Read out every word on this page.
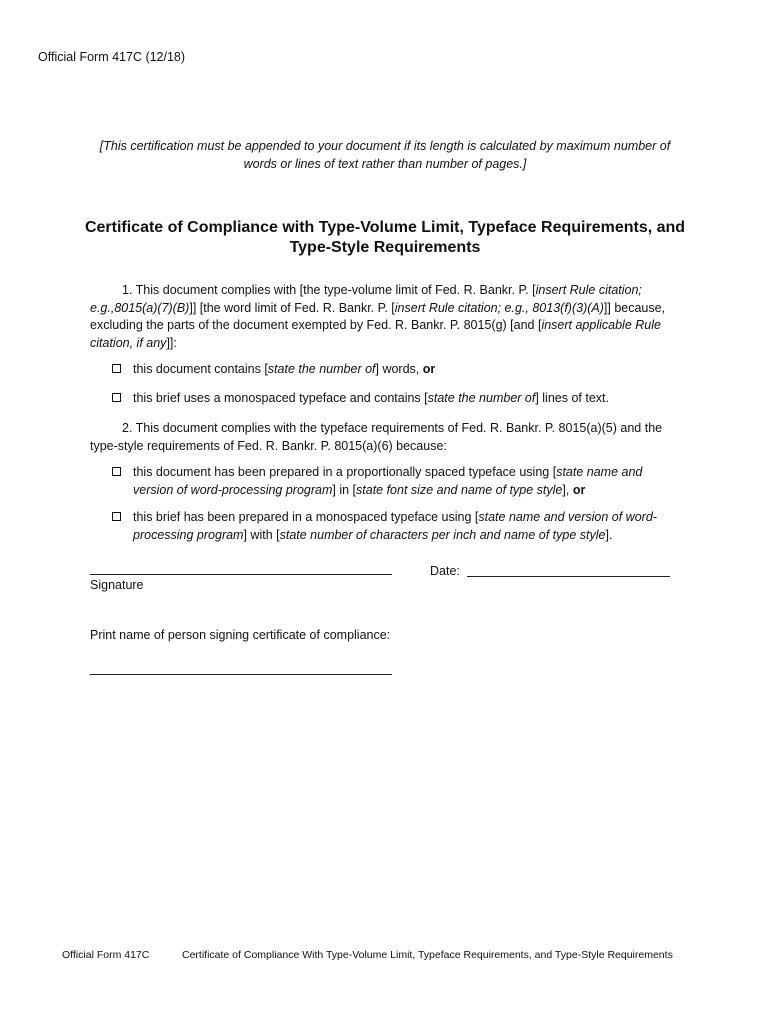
Official Form 417C (12/18)
[This certification must be appended to your document if its length is calculated by maximum number of words or lines of text rather than number of pages.]
Certificate of Compliance with Type-Volume Limit, Typeface Requirements, and Type-Style Requirements
1. This document complies with [the type-volume limit of Fed. R. Bankr. P. [insert Rule citation; e.g.,8015(a)(7)(B)]] [the word limit of Fed. R. Bankr. P. [insert Rule citation; e.g., 8013(f)(3)(A)]] because, excluding the parts of the document exempted by Fed. R. Bankr. P. 8015(g) [and [insert applicable Rule citation, if any]]:
this document contains [state the number of] words, or
this brief uses a monospaced typeface and contains [state the number of] lines of text.
2. This document complies with the typeface requirements of Fed. R. Bankr. P. 8015(a)(5) and the type-style requirements of Fed. R. Bankr. P. 8015(a)(6) because:
this document has been prepared in a proportionally spaced typeface using [state name and version of word-processing program] in [state font size and name of type style], or
this brief has been prepared in a monospaced typeface using [state name and version of word-processing program] with [state number of characters per inch and name of type style].
Signature
Date:
Print name of person signing certificate of compliance:
Official Form 417C	Certificate of Compliance With Type-Volume Limit, Typeface Requirements, and Type-Style Requirements
